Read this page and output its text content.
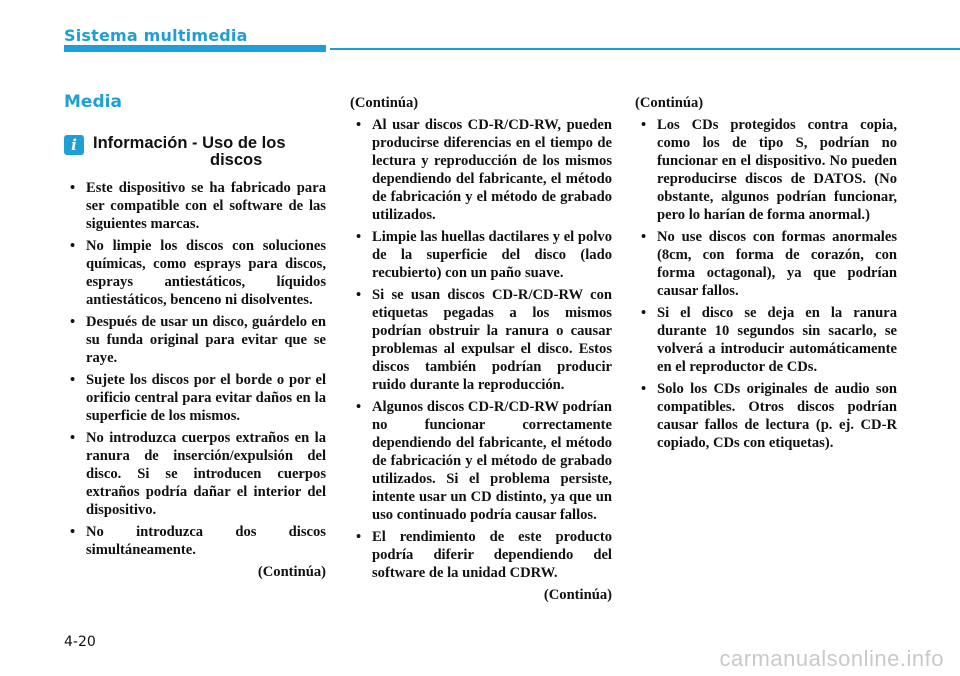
Sistema multimedia
Media
i Información - Uso de los
discos
• Este dispositivo se ha fabricado para ser compatible con el software de las siguientes marcas.
• No limpie los discos con soluciones químicas, como esprays para discos, esprays antiestáticos, líquidos antiestáticos, benceno ni disolventes.
• Después de usar un disco, guárdelo en su funda original para evitar que se raye.
• Sujete los discos por el borde o por el orificio central para evitar daños en la superficie de los mismos.
• No introduzca cuerpos extraños en la ranura de inserción/expulsión del disco. Si se introducen cuerpos extraños podría dañar el interior del dispositivo.
• No introduzca dos discos simultáneamente.
(Continúa)
(Continúa)
• Al usar discos CD-R/CD-RW, pueden producirse diferencias en el tiempo de lectura y reproducción de los mismos dependiendo del fabricante, el método de fabricación y el método de grabado utilizados.
• Limpie las huellas dactilares y el polvo de la superficie del disco (lado recubierto) con un paño suave.
• Si se usan discos CD-R/CD-RW con etiquetas pegadas a los mismos podrían obstruir la ranura o causar problemas al expulsar el disco. Estos discos también podrían producir ruido durante la reproducción.
• Algunos discos CD-R/CD-RW podrían no funcionar correctamente dependiendo del fabricante, el método de fabricación y el método de grabado utilizados. Si el problema persiste, intente usar un CD distinto, ya que un uso continuado podría causar fallos.
• El rendimiento de este producto podría diferir dependiendo del software de la unidad CDRW.
(Continúa)
(Continúa)
• Los CDs protegidos contra copia, como los de tipo S, podrían no funcionar en el dispositivo. No pueden reproducirse discos de DATOS. (No obstante, algunos podrían funcionar, pero lo harían de forma anormal.)
• No use discos con formas anormales (8cm, con forma de corazón, con forma octagonal), ya que podrían causar fallos.
• Si el disco se deja en la ranura durante 10 segundos sin sacarlo, se volverá a introducir automáticamente en el reproductor de CDs.
• Solo los CDs originales de audio son compatibles. Otros discos podrían causar fallos de lectura (p. ej. CD-R copiado, CDs con etiquetas).
4-20
carmanualsonline.info
